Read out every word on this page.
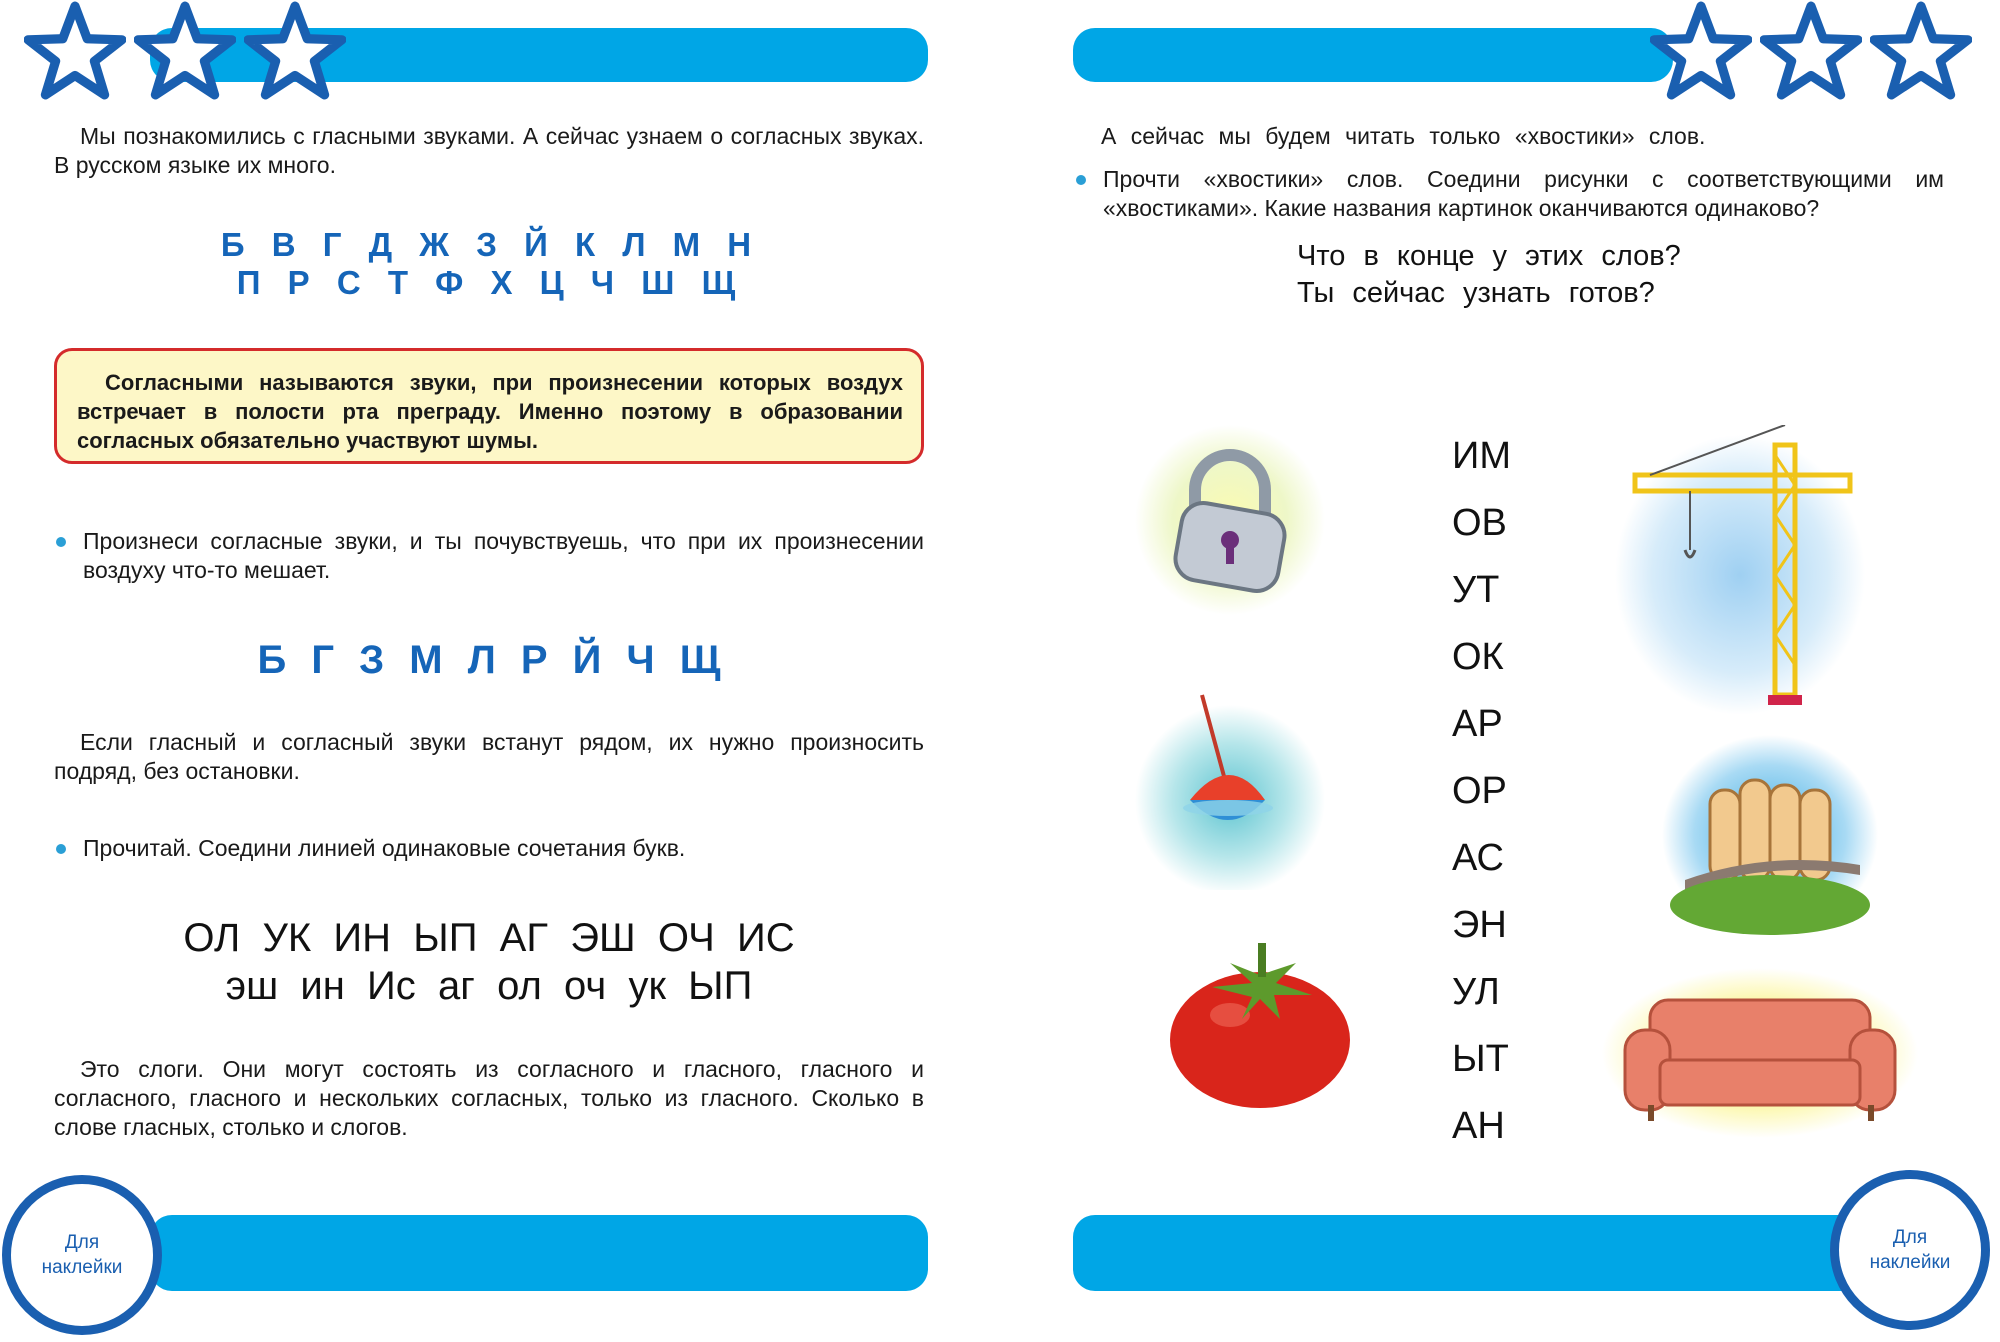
Мы познакомились с гласными звуками. А сейчас узнаем о согласных звуках. В русском языке их много.
Б В Г Д Ж З Й К Л М Н
П Р С Т Ф Х Ц Ч Ш Щ
Согласными называются звуки, при произнесении которых воздух встречает в полости рта преграду. Именно поэтому в образовании согласных обязательно участвуют шумы.
Произнеси согласные звуки, и ты почувствуешь, что при их произнесении воздуху что-то мешает.
Б Г З М Л Р Й Ч Щ
Если гласный и согласный звуки встанут рядом, их нужно произносить подряд, без остановки.
Прочитай. Соедини линией одинаковые сочетания букв.
ОЛ  УК  ИН  ЫП  АГ  ЭШ  ОЧ  ИС
эш  ин  Ис  аг  ол  оч  ук  ЫП
Это слоги. Они могут состоять из согласного и гласного, гласного и согласного, гласного и нескольких согласных, только из гласного. Сколько в слове гласных, столько и слогов.
Для
наклейки
А сейчас мы будем читать только «хвостики» слов.
Прочти «хвостики» слов. Соедини рисунки с соответствующими им «хвостиками». Какие названия картинок оканчиваются одинаково?
Что в конце у этих слов?
Ты сейчас узнать готов?
ИМ
ОВ
УТ
ОК
АР
ОР
АС
ЭН
УЛ
ЫТ
АН
Для
наклейки
